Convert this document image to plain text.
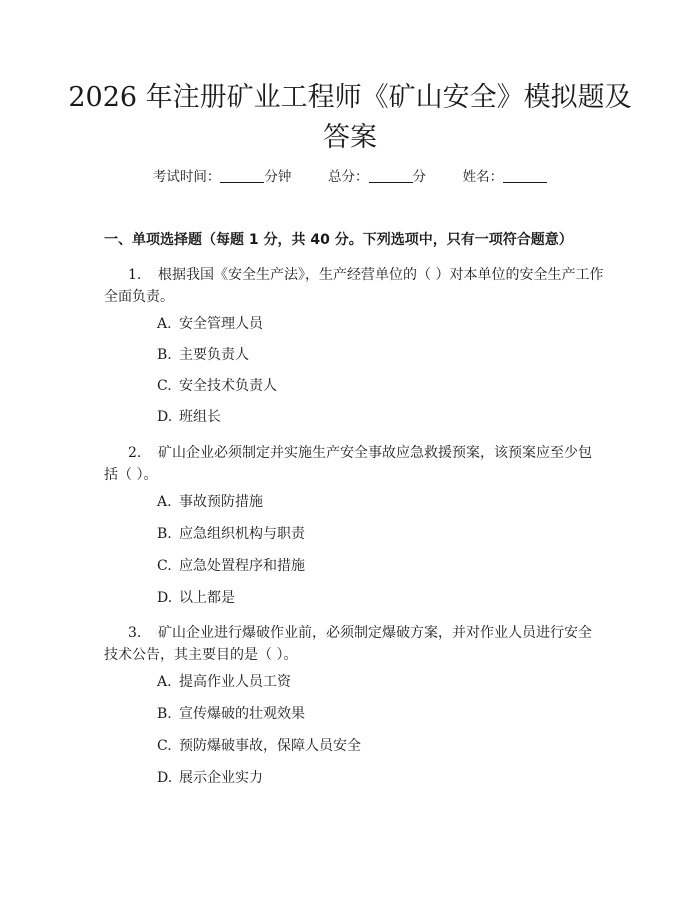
2026 年注册矿业工程师《矿山安全》模拟题及答案
考试时间：	分钟	总分：	分	姓名：
一、单项选择题（每题 1 分，共 40 分。下列选项中，只有一项符合题意）
1. 根据我国《安全生产法》，生产经营单位的（ ）对本单位的安全生产工作全面负责。
A. 安全管理人员
B. 主要负责人
C. 安全技术负责人
D. 班组长
2. 矿山企业必须制定并实施生产安全事故应急救援预案，该预案应至少包括（ ）。
A. 事故预防措施
B. 应急组织机构与职责
C. 应急处置程序和措施
D. 以上都是
3. 矿山企业进行爆破作业前，必须制定爆破方案，并对作业人员进行安全技术公告，其主要目的是（ ）。
A. 提高作业人员工资
B. 宣传爆破的壮观效果
C. 预防爆破事故，保障人员安全
D. 展示企业实力
